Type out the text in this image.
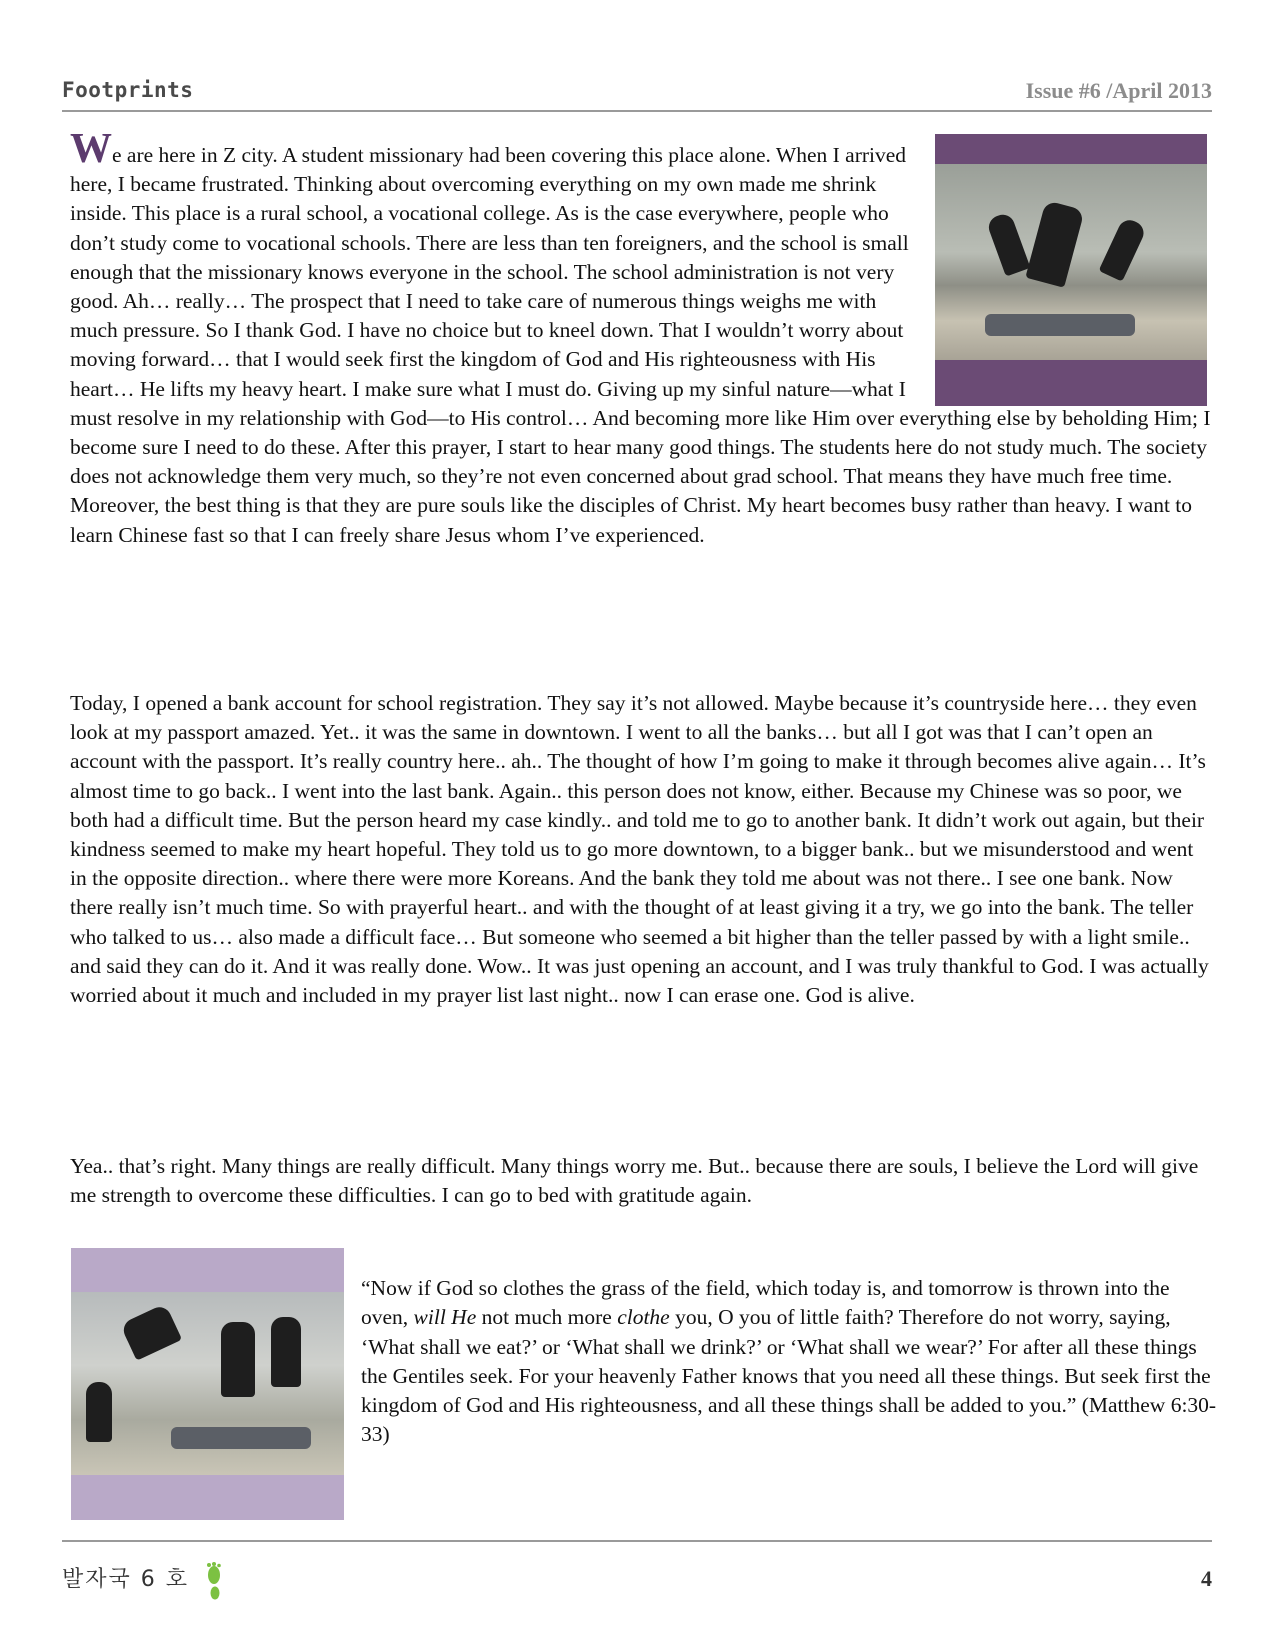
Footprints	Issue #6 /April 2013

We are here in Z city. A student missionary had been covering this place alone. When I arrived here, I became frustrated. Thinking about overcoming everything on my own made me shrink inside. This place is a rural school, a vocational college. As is the case everywhere, people who don’t study come to vocational schools. There are less than ten foreigners, and the school is small enough that the missionary knows everyone in the school. The school administration is not very good. Ah… really… The prospect that I need to take care of numerous things weighs me with much pressure. So I thank God. I have no choice but to kneel down. That I wouldn’t worry about moving forward… that I would seek first the kingdom of God and His righteousness with His heart… He lifts my heavy heart. I make sure what I must do. Giving up my sinful nature—what I must resolve in my relationship with God—to His control… And becoming more like Him over everything else by beholding Him; I become sure I need to do these. After this prayer, I start to hear many good things. The students here do not study much. The society does not acknowledge them very much, so they’re not even concerned about grad school. That means they have much free time. Moreover, the best thing is that they are pure souls like the disciples of Christ. My heart becomes busy rather than heavy. I want to learn Chinese fast so that I can freely share Jesus whom I’ve experienced.

Today, I opened a bank account for school registration. They say it’s not allowed. Maybe because it’s countryside here… they even look at my passport amazed. Yet.. it was the same in downtown. I went to all the banks… but all I got was that I can’t open an account with the passport. It’s really country here.. ah.. The thought of how I’m going to make it through becomes alive again… It’s almost time to go back.. I went into the last bank. Again.. this person does not know, either. Because my Chinese was so poor, we both had a difficult time. But the person heard my case kindly.. and told me to go to another bank. It didn’t work out again, but their kindness seemed to make my heart hopeful. They told us to go more downtown, to a bigger bank.. but we misunderstood and went in the opposite direction.. where there were more Koreans. And the bank they told me about was not there.. I see one bank. Now there really isn’t much time. So with prayerful heart.. and with the thought of at least giving it a try, we go into the bank. The teller who talked to us… also made a difficult face… But someone who seemed a bit higher than the teller passed by with a light smile.. and said they can do it. And it was really done. Wow.. It was just opening an account, and I was truly thankful to God. I was actually worried about it much and included in my prayer list last night.. now I can erase one. God is alive.

Yea.. that’s right. Many things are really difficult. Many things worry me. But.. because there are souls, I believe the Lord will give me strength to overcome these difficulties. I can go to bed with gratitude again.

“Now if God so clothes the grass of the field, which today is, and tomorrow is thrown into the oven, will He not much more clothe you, O you of little faith? Therefore do not worry, saying, ‘What shall we eat?’ or ‘What shall we drink?’ or ‘What shall we wear?’ For after all these things the Gentiles seek. For your heavenly Father knows that you need all these things. But seek first the kingdom of God and His righteousness, and all these things shall be added to you.” (Matthew 6:30-33)

발자국 6 호	4
